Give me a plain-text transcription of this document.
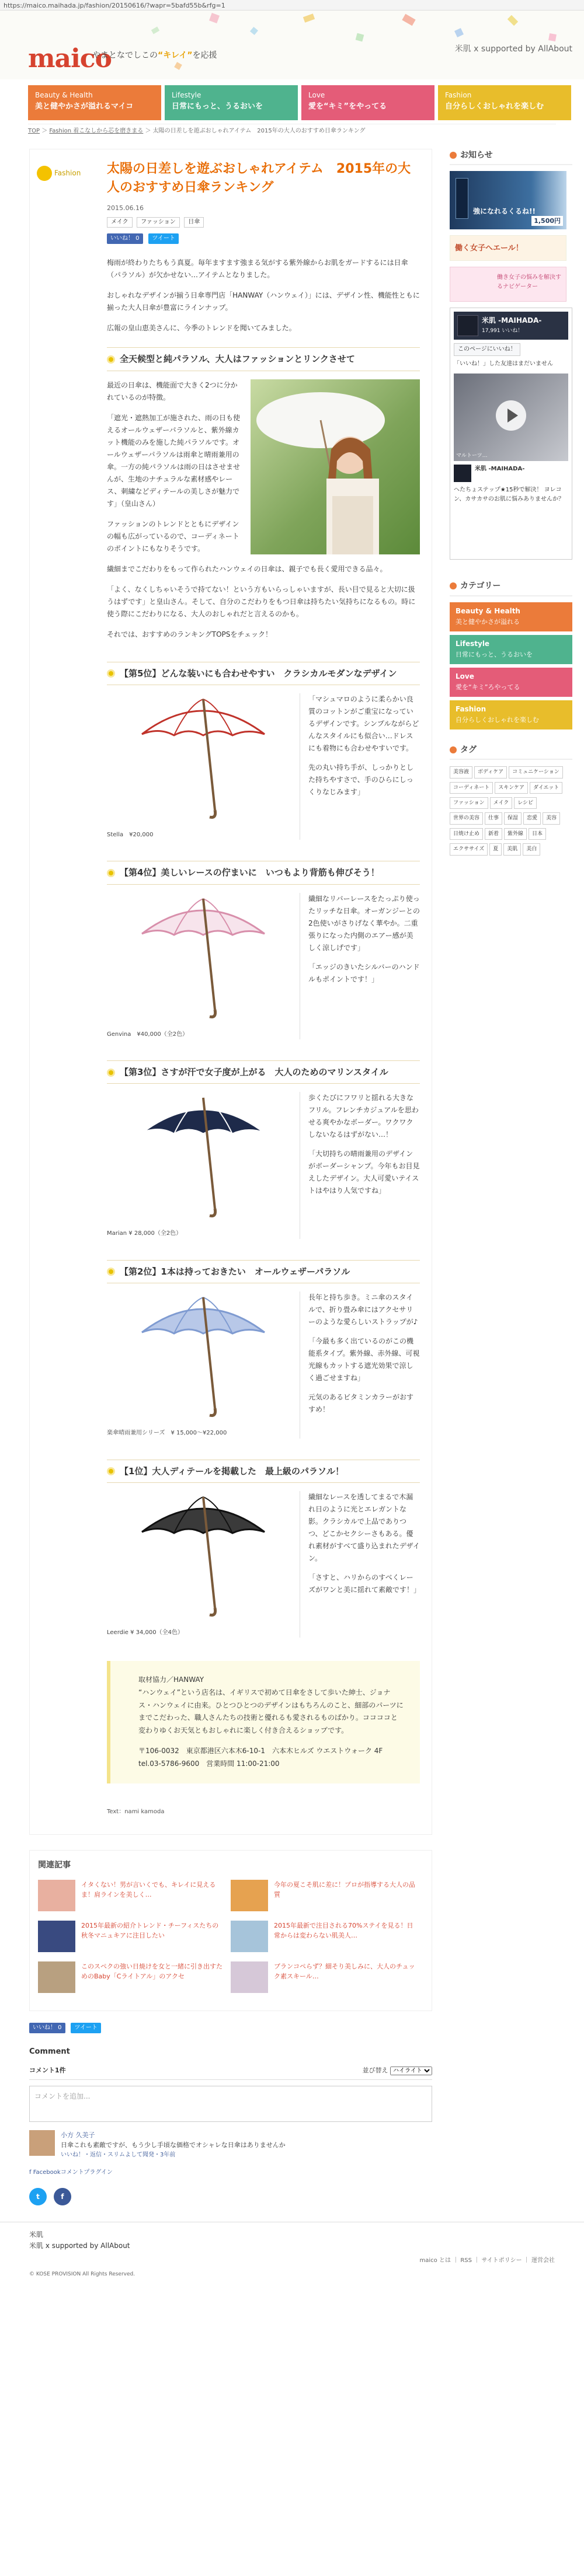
https://maico.maihada.jp/fashion/20150616/?wapr=5bafd55b&rfg=1
maico
やまとなでしこの“キレイ”を応援
米肌 x supported by AllAbout
Beauty & Health
美と健やかさが溢れるマイコ
Lifestyle
日常にもっと、うるおいを
Love
愛を“キミ”をやってる
Fashion
自分らしくおしゃれを楽しむ
TOP ＞ Fashion 着こなしから芯を磨きまる ＞ 太陽の日差しを遊ぶおしゃれアイテム　2015年の大人のおすすめ日傘ランキング
Fashion 太陽の日差しを遊ぶおしゃれアイテム　2015年の大人のおすすめ日傘ランキング
2015.06.16
メイク ファッション 日傘
いいね！ 0 ツイート

梅雨が終わりたちもう真夏。毎年ますます強まる気がする紫外線からお肌をガードするには日傘（パラソル）が欠かせない…アイテムとなりました。

おしゃれなデザインが揃う日傘専門店「HANWAY（ハンウェイ）」には、デザイン性、機能性ともに揃った大人日傘が豊富にラインナップ。

広報の皇山恵美さんに、今季のトレンドを聞いてみました。

全天候型と純パラソル、大人はファッションとリンクさせて

最近の日傘は、機能面で大きく2つに分かれているのが特徴。

「遮光・遮熱加工が施された、雨の日も使えるオールウェザーパラソルと、紫外線カット機能のみを施した純パラソルです。オールウェザーパラソルは雨傘と晴雨兼用の傘。一方の純パラソルは雨の日はさせませんが、生地のナチュラルな素材感やレース、刺繍などディテールの美しさが魅力です」（皇山さん）

ファッションのトレンドとともにデザインの幅も広がっているので、コーディネートのポイントにもなりそうです。

繊細までこだわりをもって作られたハンウェイの日傘は、親子でも長く愛用できる品々。

「よく、なくしちゃいそうで持てない！という方もいらっしゃいますが、長い目で見ると大切に扱うはずです」と皇山さん。そして、自分のこだわりをもつ日傘は持ちたい気持ちになるもの。時に使う際にこだわりになる、大人のおしゃれだと言えるのかも。

それでは、おすすめのランキングTOPSをチェック！

【第5位】どんな装いにも合わせやすい　クラシカルモダンなデザイン
Stella　¥20,000

「マシュマロのように柔らかい良質のコットンがご重宝になっているデザインです。シンプルながらどんなスタイルにも似合い…ドレスにも着物にも合わせやすいです。

先の丸い持ち手が、しっかりとした持ちやすさで、手のひらにしっくりなじみます」

【第4位】美しいレースの佇まいに　いつもより背筋も伸びそう！
Genvina　¥40,000（全2色）

繊細なリバーレースをたっぷり使ったリッチな日傘。オーガンジーとの2色使いがさりげなく華やか。二重張りになった内側のエアー感が美しく涼しげです」

「エッジのきいたシルバーのハンドルもポイントです！」

【第3位】さすが汗で女子度が上がる　大人のためのマリンスタイル
Marian ¥ 28,000（全2色）

歩くたびにフワリと揺れる大きなフリル。フレンチカジュアルを思わせる爽やかなボーダー。ワクワクしないなるはずがない…！

「大切持ちの晴雨兼用のデザインがボーダーシャンプ。今年もお目見えしたデザイン。大人可愛いテイストはやはり人気ですね」

【第2位】1本は持っておきたい　オールウェザーパラソル
楽傘晴雨兼用シリーズ　¥ 15,000～¥22,000

長年と持ち歩き。ミニ傘のスタイルで、折り畳み傘にはアクセサリーのような愛らしいストラップが♪

「今最も多く出ているのがこの機能系タイプ。紫外線、赤外線、可視光線もカットする遮光効果で涼しく過ごせますね」

元気のあるビタミンカラーがおすすめ！

【1位】大人ディテールを掲載した　最上級のパラソル！
Leerdie ¥ 34,000（全4色）

繊細なレースを透してまるで木漏れ日のように光とエレガントな影。クラシカルで上品でありつつ、どこかセクシーさもある。優れ素材がすべて盛り込まれたデザイン。

「さすと、ハリからのすべくレーズがワンと美に揺れて素敵です！」

取材協力／HANWAY
“ハンウェイ”という店名は、イギリスで初めて日傘をさして歩いた紳士、ジョナス・ハンウェイに由来。ひとつひとつのデザインはもちろんのこと、細部のパーツにまでこだわった、職人さんたちの技術と優れるも愛されるものばかり。ココココと変わりゆくお天気ともおしゃれに楽しく付き合えるショップです。
〒106-0032　東京都港区六本木6-10-1　六本木ヒルズ ウエストウォーク 4F
tel.03-5786-9600　営業時間 11:00-21:00
Text：nami kamoda
関連記事
イタくない！男が言いくでも、キレイに見えるま！肩ラインを美しく…
今年の夏こそ肌に差に！プロが指導する大人の品質
2015年最新の紹介トレンド・チーフィスたちの秋冬マニュキアに注目したい
2015年最新で注目される70%ステイを見る！日常からは変わらない肌美人…
このスペクの強い日焼けを女と一緒に引き出すためのBaby「Cライトアル」のアクセ
ブランコペらず？細そり美しみに、大人のチュック素スキール…
いいね！ 0 ツイート
Comment
コメント1件	並び替え
ハイライト
コメントを追加...
小方 久美子
日傘これも素敵ですが、もう少し手頃な価格でオシャレな日傘はありませんか
いいね！・返信・スリムよして聞発・3年前
f Facebookコメントプラグイン
t	f
お知らせ
強になれるくるね!!
1,500円
働く女子へエール！
働き女子の悩みを解決するナビゲーター
米肌 -MAIHADA-
17,991 いいね！
このページにいいね！
「いいね！」した友達はまだいません
マルトーツ…
米肌 -MAIHADA-
へたちょステップ★15秒で解決！ ヨレコン、カサカサのお肌に悩みありませんか？
カテゴリー
Beauty & Health
美と健やかさが溢れる
Lifestyle
日常にもっと、うるおいを
Love
愛を“キミ”ろやってる
Fashion
自分らしくおしゃれを楽しむ
タグ
美容液 ボディケア コミュニケーションコーディネート スキンケア ダイエットファッション メイク レシピ世界の美容 仕事 保湿 恋愛 美容日焼け止め 新着 紫外線 日本エクササイズ 夏 美肌 美白
米肌
米肌 x supported by AllAbout
maico とは ｜ RSS ｜ サイトポリシー ｜ 運営会社
© KOSE PROVISION All Rights Reserved.
